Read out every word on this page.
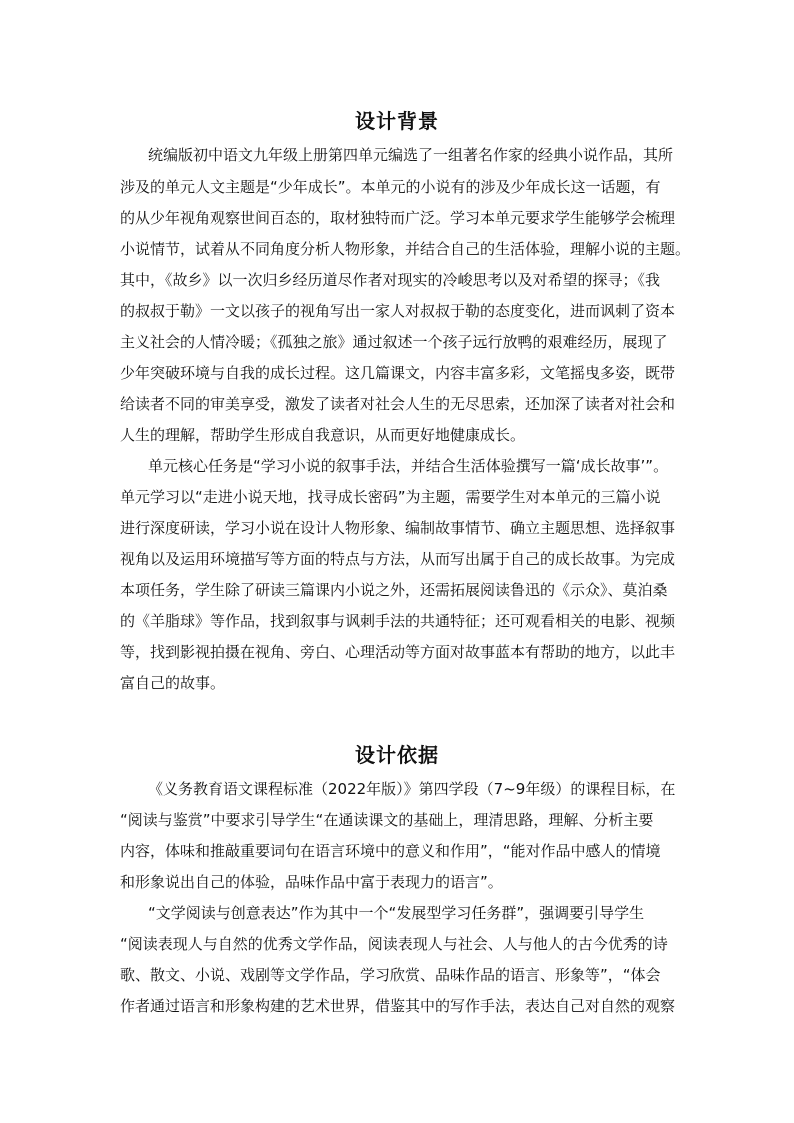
设计背景
统编版初中语文九年级上册第四单元编选了一组著名作家的经典小说作品，其所
涉及的单元人文主题是“少年成长”。本单元的小说有的涉及少年成长这一话题，有
的从少年视角观察世间百态的，取材独特而广泛。学习本单元要求学生能够学会梳理
小说情节，试着从不同角度分析人物形象，并结合自己的生活体验，理解小说的主题。
其中，《故乡》以一次归乡经历道尽作者对现实的冷峻思考以及对希望的探寻；《我
的叔叔于勒》一文以孩子的视角写出一家人对叔叔于勒的态度变化，进而讽刺了资本
主义社会的人情冷暖；《孤独之旅》通过叙述一个孩子远行放鸭的艰难经历，展现了
少年突破环境与自我的成长过程。这几篇课文，内容丰富多彩，文笔摇曳多姿，既带
给读者不同的审美享受，激发了读者对社会人生的无尽思索，还加深了读者对社会和
人生的理解，帮助学生形成自我意识，从而更好地健康成长。
单元核心任务是“学习小说的叙事手法，并结合生活体验撰写一篇‘成长故事’”。
单元学习以“走进小说天地，找寻成长密码”为主题，需要学生对本单元的三篇小说
进行深度研读，学习小说在设计人物形象、编制故事情节、确立主题思想、选择叙事
视角以及运用环境描写等方面的特点与方法，从而写出属于自己的成长故事。为完成
本项任务，学生除了研读三篇课内小说之外，还需拓展阅读鲁迅的《示众》、莫泊桑
的《羊脂球》等作品，找到叙事与讽刺手法的共通特征；还可观看相关的电影、视频
等，找到影视拍摄在视角、旁白、心理活动等方面对故事蓝本有帮助的地方，以此丰
富自己的故事。
设计依据
《义务教育语文课程标准（2022年版）》第四学段（7~9年级）的课程目标，在
“阅读与鉴赏”中要求引导学生“在通读课文的基础上，理清思路，理解、分析主要
内容，体味和推敲重要词句在语言环境中的意义和作用”，“能对作品中感人的情境
和形象说出自己的体验，品味作品中富于表现力的语言”。
“文学阅读与创意表达”作为其中一个“发展型学习任务群”，强调要引导学生
“阅读表现人与自然的优秀文学作品，阅读表现人与社会、人与他人的古今优秀的诗
歌、散文、小说、戏剧等文学作品，学习欣赏、品味作品的语言、形象等”，“体会
作者通过语言和形象构建的艺术世界，借鉴其中的写作手法，表达自己对自然的观察
